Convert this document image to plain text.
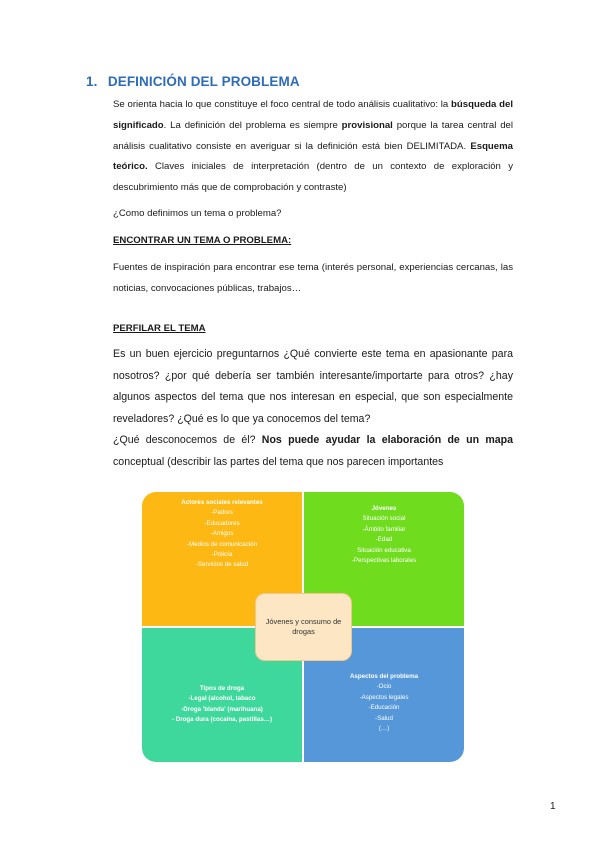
1. DEFINICIÓN DEL PROBLEMA
Se orienta hacia lo que constituye el foco central de todo análisis cualitativo: la búsqueda del significado. La definición del problema es siempre provisional porque la tarea central del análisis cualitativo consiste en averiguar si la definición está bien DELIMITADA. Esquema teórico. Claves iniciales de interpretación (dentro de un contexto de exploración y descubrimiento más que de comprobación y contraste)
¿Como definimos un tema o problema?
ENCONTRAR UN TEMA O PROBLEMA:
Fuentes de inspiración para encontrar ese tema (interés personal, experiencias cercanas, las noticias, convocaciones públicas, trabajos…
PERFILAR EL TEMA
Es un buen ejercicio preguntarnos ¿Qué convierte este tema en apasionante para nosotros? ¿por qué debería ser también interesante/importarte para otros? ¿hay algunos aspectos del tema que nos interesan en especial, que son especialmente reveladores? ¿Qué es lo que ya conocemos del tema?
¿Qué desconocemos de él? Nos puede ayudar la elaboración de un mapa conceptual (describir las partes del tema que nos parecen importantes
Actores sociales relevantes
-Padres
-Educadores
-Amigos
-Medios de comunicación
-Policía
-Servicios de salud
Jóvenes
Situación social
-Ámbito familiar
-Edad
Situación educativa
-Perspectivas laborales
Tipos de droga
-Legal (alcohol, tabaco
-Droga 'blanda' (marihuana)
- Droga dura (cocaína, pastillas…)
Aspectos del problema
-Ocio
-Aspectos legales
-Educación
-Salud
(…)
Jóvenes y consumo de drogas
1
